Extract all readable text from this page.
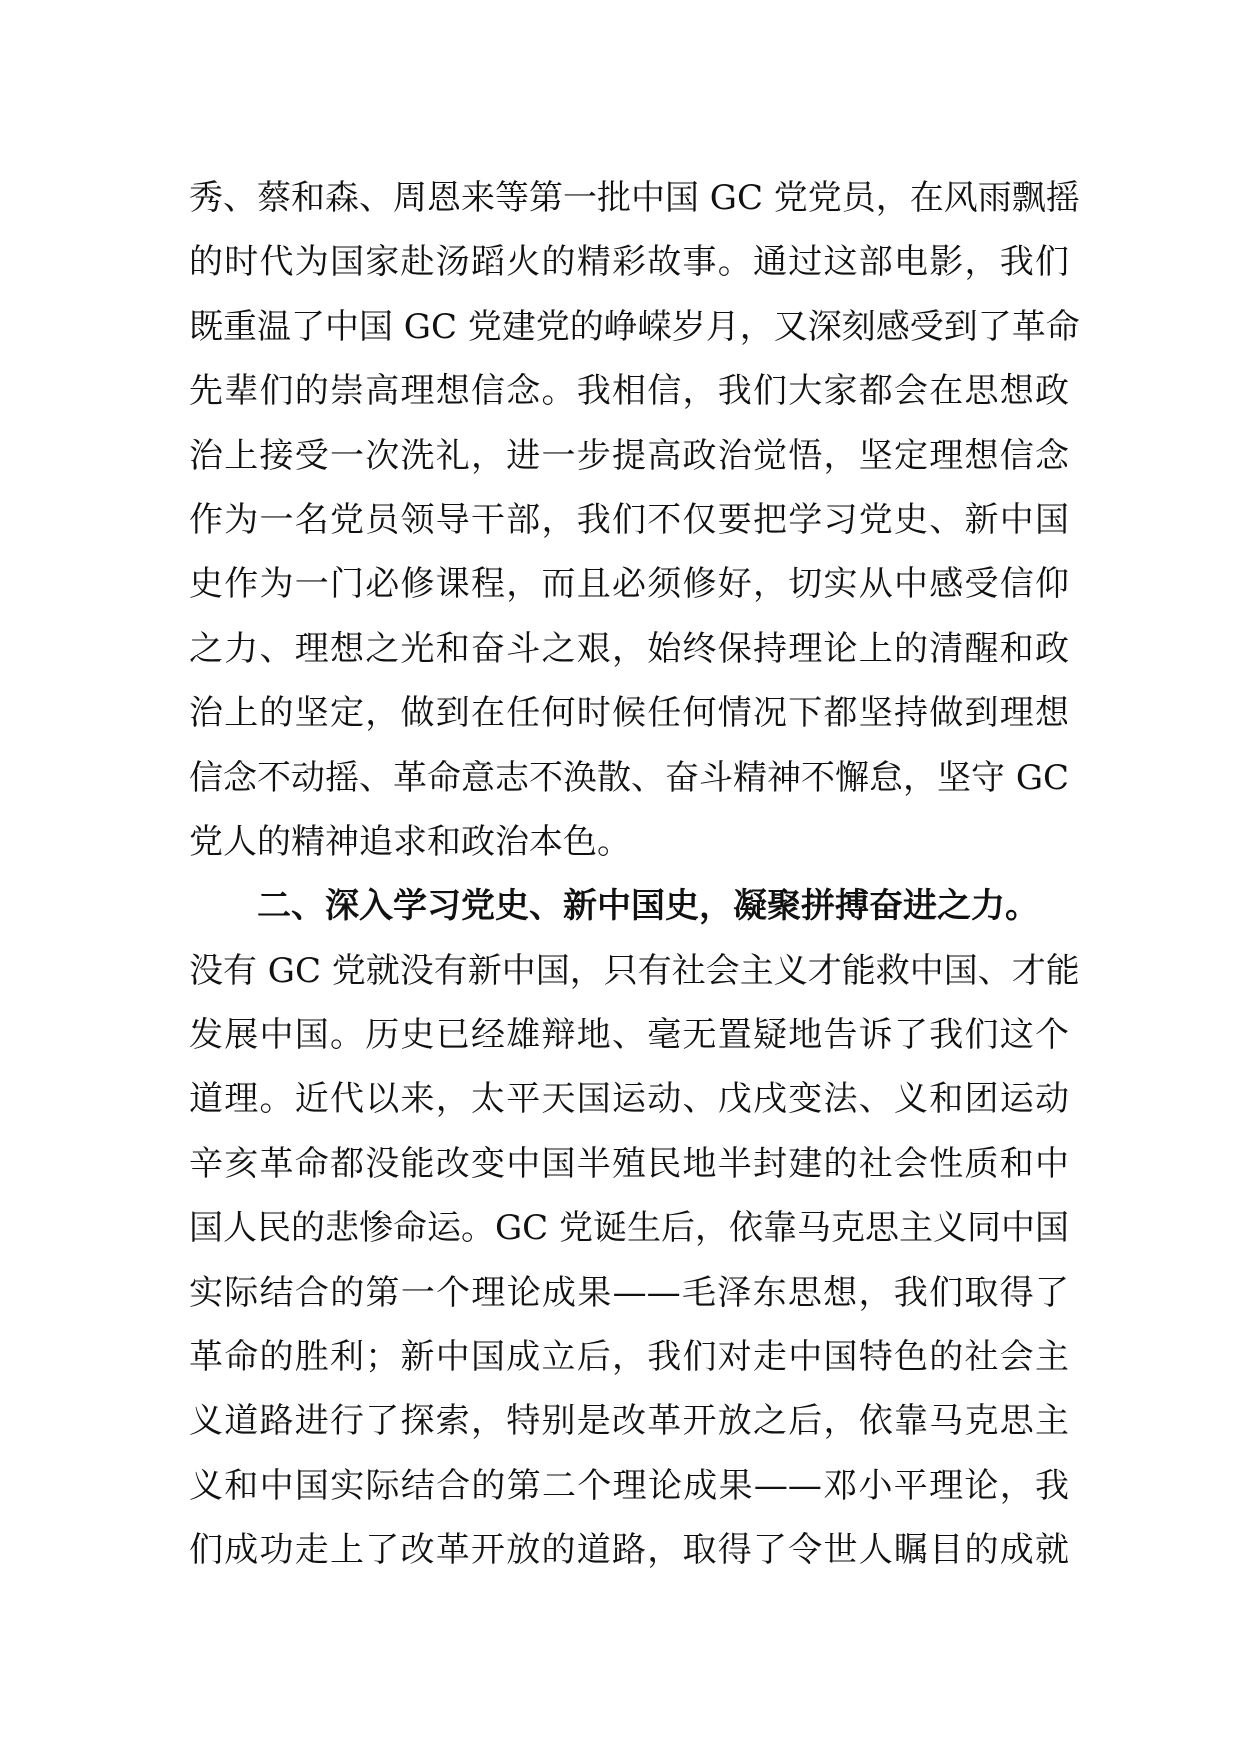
秀、蔡和森、周恩来等第一批中国 GC 党党员，在风雨飘摇
的时代为国家赴汤蹈火的精彩故事。通过这部电影，我们
既重温了中国 GC 党建党的峥嵘岁月，又深刻感受到了革命
先辈们的崇高理想信念。我相信，我们大家都会在思想政
治上接受一次洗礼，进一步提高政治觉悟，坚定理想信念
作为一名党员领导干部，我们不仅要把学习党史、新中国
史作为一门必修课程，而且必须修好，切实从中感受信仰
之力、理想之光和奋斗之艰，始终保持理论上的清醒和政
治上的坚定，做到在任何时候任何情况下都坚持做到理想
信念不动摇、革命意志不涣散、奋斗精神不懈怠，坚守 GC
党人的精神追求和政治本色。
二、深入学习党史、新中国史，凝聚拼搏奋进之力。
没有 GC 党就没有新中国，只有社会主义才能救中国、才能
发展中国。历史已经雄辩地、毫无置疑地告诉了我们这个
道理。近代以来，太平天国运动、戊戌变法、义和团运动
辛亥革命都没能改变中国半殖民地半封建的社会性质和中
国人民的悲惨命运。GC 党诞生后，依靠马克思主义同中国
实际结合的第一个理论成果——毛泽东思想，我们取得了
革命的胜利；新中国成立后，我们对走中国特色的社会主
义道路进行了探索，特别是改革开放之后，依靠马克思主
义和中国实际结合的第二个理论成果——邓小平理论，我
们成功走上了改革开放的道路，取得了令世人瞩目的成就
